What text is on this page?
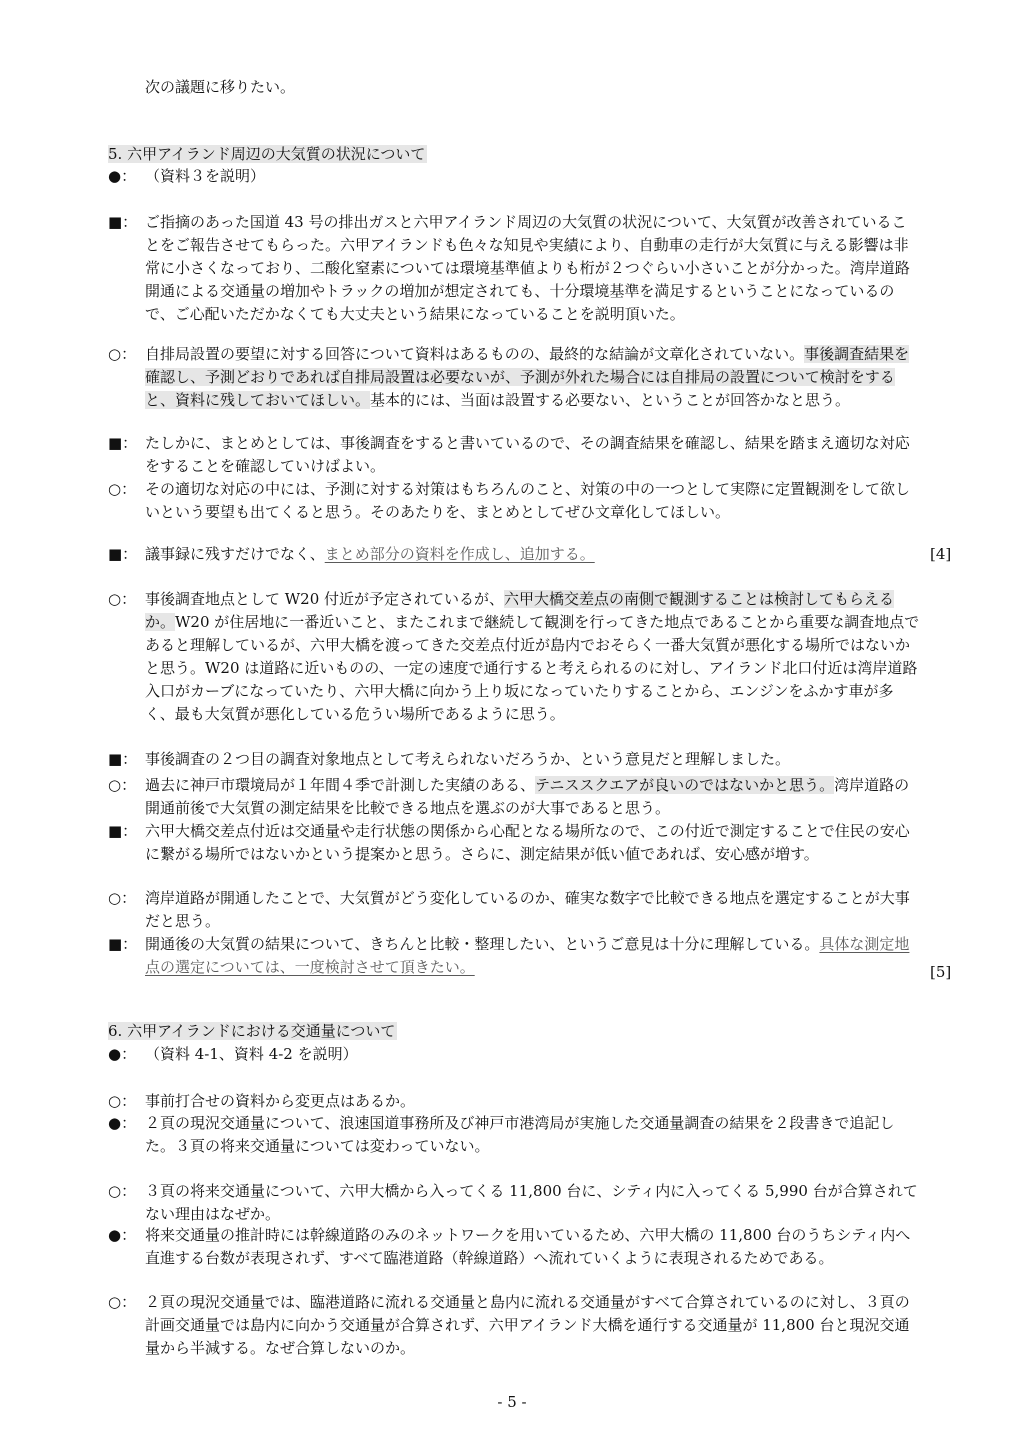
次の議題に移りたい。
5. 六甲アイランド周辺の大気質の状況について
●： （資料３を説明）
■： ご指摘のあった国道 43 号の排出ガスと六甲アイランド周辺の大気質の状況について、大気質が改善されていることをご報告させてもらった。六甲アイランドも色々な知見や実績により、自動車の走行が大気質に与える影響は非常に小さくなっており、二酸化窒素については環境基準値よりも桁が２つぐらい小さいことが分かった。湾岸道路開通による交通量の増加やトラックの増加が想定されても、十分環境基準を満足するということになっているので、ご心配いただかなくても大丈夫という結果になっていることを説明頂いた。
○： 自排局設置の要望に対する回答について資料はあるものの、最終的な結論が文章化されていない。事後調査結果を確認し、予測どおりであれば自排局設置は必要ないが、予測が外れた場合には自排局の設置について検討をすると、資料に残しておいてほしい。基本的には、当面は設置する必要ない、ということが回答かなと思う。
■： たしかに、まとめとしては、事後調査をすると書いているので、その調査結果を確認し、結果を踏まえ適切な対応をすることを確認していけばよい。
○： その適切な対応の中には、予測に対する対策はもちろんのこと、対策の中の一つとして実際に定置観測をして欲しいという要望も出てくると思う。そのあたりを、まとめとしてぜひ文章化してほしい。
■： 議事録に残すだけでなく、まとめ部分の資料を作成し、追加する。	[4]
○： 事後調査地点として W20 付近が予定されているが、六甲大橋交差点の南側で観測することは検討してもらえるか。W20 が住居地に一番近いこと、またこれまで継続して観測を行ってきた地点であることから重要な調査地点であると理解しているが、六甲大橋を渡ってきた交差点付近が島内でおそらく一番大気質が悪化する場所ではないかと思う。W20 は道路に近いものの、一定の速度で通行すると考えられるのに対し、アイランド北口付近は湾岸道路入口がカーブになっていたり、六甲大橋に向かう上り坂になっていたりすることから、エンジンをふかす車が多く、最も大気質が悪化している危うい場所であるように思う。
■： 事後調査の２つ目の調査対象地点として考えられないだろうか、という意見だと理解しました。
○： 過去に神戸市環境局が１年間４季で計測した実績のある、テニススクエアが良いのではないかと思う。湾岸道路の開通前後で大気質の測定結果を比較できる地点を選ぶのが大事であると思う。
■： 六甲大橋交差点付近は交通量や走行状態の関係から心配となる場所なので、この付近で測定することで住民の安心に繋がる場所ではないかという提案かと思う。さらに、測定結果が低い値であれば、安心感が増す。
○： 湾岸道路が開通したことで、大気質がどう変化しているのか、確実な数字で比較できる地点を選定することが大事だと思う。
■： 開通後の大気質の結果について、きちんと比較・整理したい、というご意見は十分に理解している。具体な測定地点の選定については、一度検討させて頂きたい。	[5]
6. 六甲アイランドにおける交通量について
●： （資料 4-1、資料 4-2 を説明）
○： 事前打合せの資料から変更点はあるか。
●： ２頁の現況交通量について、浪速国道事務所及び神戸市港湾局が実施した交通量調査の結果を２段書きで追記した。３頁の将来交通量については変わっていない。
○： ３頁の将来交通量について、六甲大橋から入ってくる 11,800 台に、シティ内に入ってくる 5,990 台が合算されてない理由はなぜか。
●： 将来交通量の推計時には幹線道路のみのネットワークを用いているため、六甲大橋の 11,800 台のうちシティ内へ直進する台数が表現されず、すべて臨港道路（幹線道路）へ流れていくように表現されるためである。
○： ２頁の現況交通量では、臨港道路に流れる交通量と島内に流れる交通量がすべて合算されているのに対し、３頁の計画交通量では島内に向かう交通量が合算されず、六甲アイランド大橋を通行する交通量が 11,800 台と現況交通量から半減する。なぜ合算しないのか。
- 5 -
